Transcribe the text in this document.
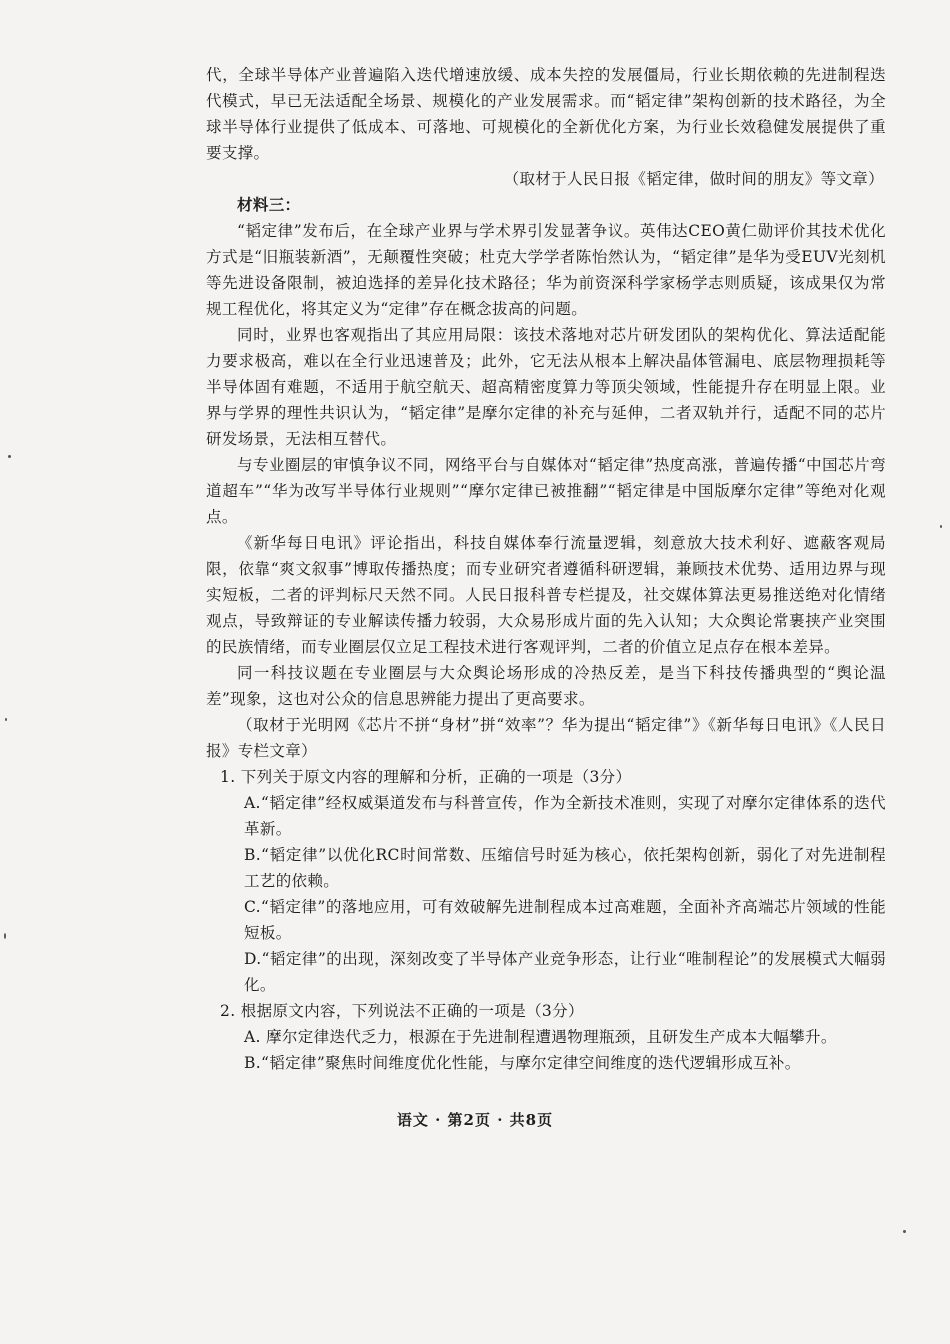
代，全球半导体产业普遍陷入迭代增速放缓、成本失控的发展僵局，行业长期依赖的先进制程迭代模式，早已无法适配全场景、规模化的产业发展需求。而“韬定律”架构创新的技术路径，为全球半导体行业提供了低成本、可落地、可规模化的全新优化方案，为行业长效稳健发展提供了重要支撑。

（取材于人民日报《韬定律，做时间的朋友》等文章）

材料三：

“韬定律”发布后，在全球产业界与学术界引发显著争议。英伟达CEO黄仁勋评价其技术优化方式是“旧瓶装新酒”，无颠覆性突破；杜克大学学者陈怡然认为，“韬定律”是华为受EUV光刻机等先进设备限制，被迫选择的差异化技术路径；华为前资深科学家杨学志则质疑，该成果仅为常规工程优化，将其定义为“定律”存在概念拔高的问题。

同时，业界也客观指出了其应用局限：该技术落地对芯片研发团队的架构优化、算法适配能力要求极高，难以在全行业迅速普及；此外，它无法从根本上解决晶体管漏电、底层物理损耗等半导体固有难题，不适用于航空航天、超高精密度算力等顶尖领域，性能提升存在明显上限。业界与学界的理性共识认为，“韬定律”是摩尔定律的补充与延伸，二者双轨并行，适配不同的芯片研发场景，无法相互替代。

与专业圈层的审慎争议不同，网络平台与自媒体对“韬定律”热度高涨，普遍传播“中国芯片弯道超车”“华为改写半导体行业规则”“摩尔定律已被推翻”“韬定律是中国版摩尔定律”等绝对化观点。

《新华每日电讯》评论指出，科技自媒体奉行流量逻辑，刻意放大技术利好、遮蔽客观局限，依靠“爽文叙事”博取传播热度；而专业研究者遵循科研逻辑，兼顾技术优势、适用边界与现实短板，二者的评判标尺天然不同。人民日报科普专栏提及，社交媒体算法更易推送绝对化情绪观点，导致辩证的专业解读传播力较弱，大众易形成片面的先入认知；大众舆论常裹挟产业突围的民族情绪，而专业圈层仅立足工程技术进行客观评判，二者的价值立足点存在根本差异。

同一科技议题在专业圈层与大众舆论场形成的冷热反差，是当下科技传播典型的“舆论温差”现象，这也对公众的信息思辨能力提出了更高要求。

（取材于光明网《芯片不拼“身材”拼“效率”？华为提出“韬定律”》《新华每日电讯》《人民日报》专栏文章）

1. 下列关于原文内容的理解和分析，正确的一项是（3分）

A.“韬定律”经权威渠道发布与科普宣传，作为全新技术准则，实现了对摩尔定律体系的迭代革新。

B.“韬定律”以优化RC时间常数、压缩信号时延为核心，依托架构创新，弱化了对先进制程工艺的依赖。

C.“韬定律”的落地应用，可有效破解先进制程成本过高难题，全面补齐高端芯片领域的性能短板。

D.“韬定律”的出现，深刻改变了半导体产业竞争形态，让行业“唯制程论”的发展模式大幅弱化。

2. 根据原文内容，下列说法不正确的一项是（3分）

A. 摩尔定律迭代乏力，根源在于先进制程遭遇物理瓶颈，且研发生产成本大幅攀升。

B.“韬定律”聚焦时间维度优化性能，与摩尔定律空间维度的迭代逻辑形成互补。

语文 · 第2页 · 共8页
